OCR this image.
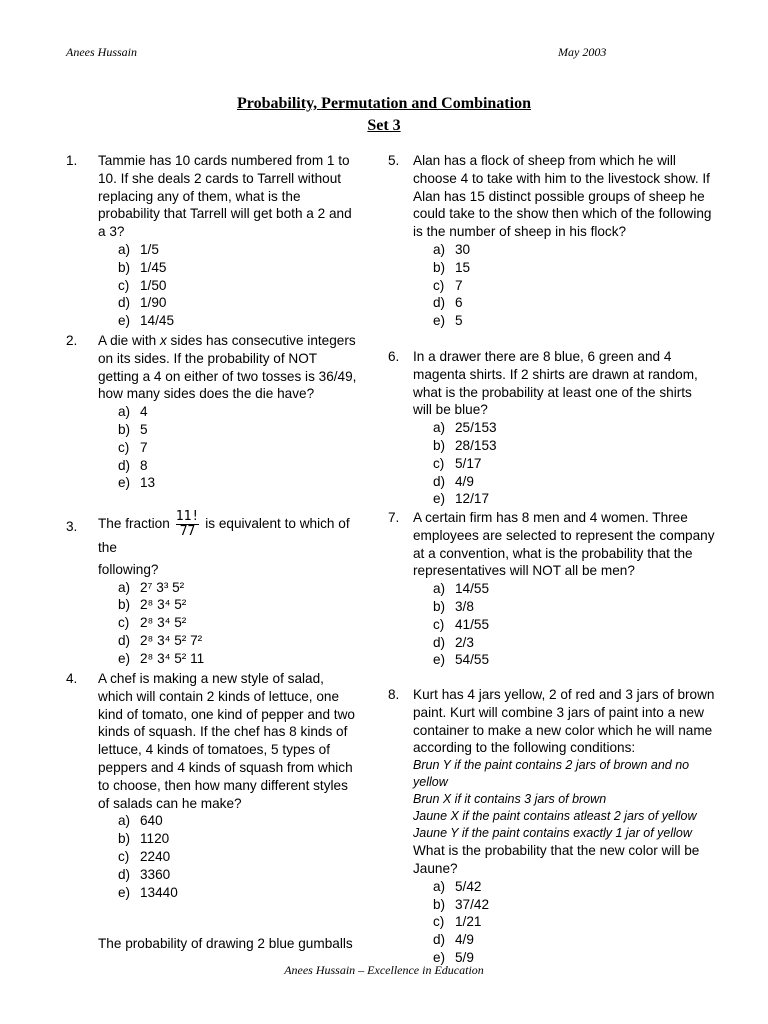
Anees Hussain	May 2003
Probability, Permutation and Combination
Set 3
1. Tammie has 10 cards numbered from 1 to 10. If she deals 2 cards to Tarrell without replacing any of them, what is the probability that Tarrell will get both a 2 and a 3?
a) 1/5
b) 1/45
c) 1/50
d) 1/90
e) 14/45
2. A die with x sides has consecutive integers on its sides. If the probability of NOT getting a 4 on either of two tosses is 36/49, how many sides does the die have?
a) 4
b) 5
c) 7
d) 8
e) 13
3. The fraction $\frac{11!}{77}$ is equivalent to which of the
following?
a) 2⁷ 3³ 5²
b) 2⁸ 3⁴ 5²
c) 2⁸ 3⁴ 5²
d) 2⁸ 3⁴ 5² 7²
e) 2⁸ 3⁴ 5² 11
4. A chef is making a new style of salad, which will contain 2 kinds of lettuce, one kind of tomato, one kind of pepper and two kinds of squash. If the chef has 8 kinds of lettuce, 4 kinds of tomatoes, 5 types of peppers and 4 kinds of squash from which to choose, then how many different styles of salads can he make?
a) 640
b) 1120
c) 2240
d) 3360
e) 13440
The probability of drawing 2 blue gumballs
5. Alan has a flock of sheep from which he will choose 4 to take with him to the livestock show. If Alan has 15 distinct possible groups of sheep he could take to the show then which of the following is the number of sheep in his flock?
a) 30
b) 15
c) 7
d) 6
e) 5
6. In a drawer there are 8 blue, 6 green and 4 magenta shirts. If 2 shirts are drawn at random, what is the probability at least one of the shirts will be blue?
a) 25/153
b) 28/153
c) 5/17
d) 4/9
e) 12/17
7. A certain firm has 8 men and 4 women. Three employees are selected to represent the company at a convention, what is the probability that the representatives will NOT all be men?
a) 14/55
b) 3/8
c) 41/55
d) 2/3
e) 54/55
8. Kurt has 4 jars yellow, 2 of red and 3 jars of brown paint. Kurt will combine 3 jars of paint into a new container to make a new color which he will name according to the following conditions:
Brun Y if the paint contains 2 jars of brown and no yellow
Brun X if it contains 3 jars of brown
Jaune X if the paint contains atleast 2 jars of yellow
Jaune Y if the paint contains exactly 1 jar of yellow
What is the probability that the new color will be Jaune?
a) 5/42
b) 37/42
c) 1/21
d) 4/9
e) 5/9
Anees Hussain – Excellence in Education
